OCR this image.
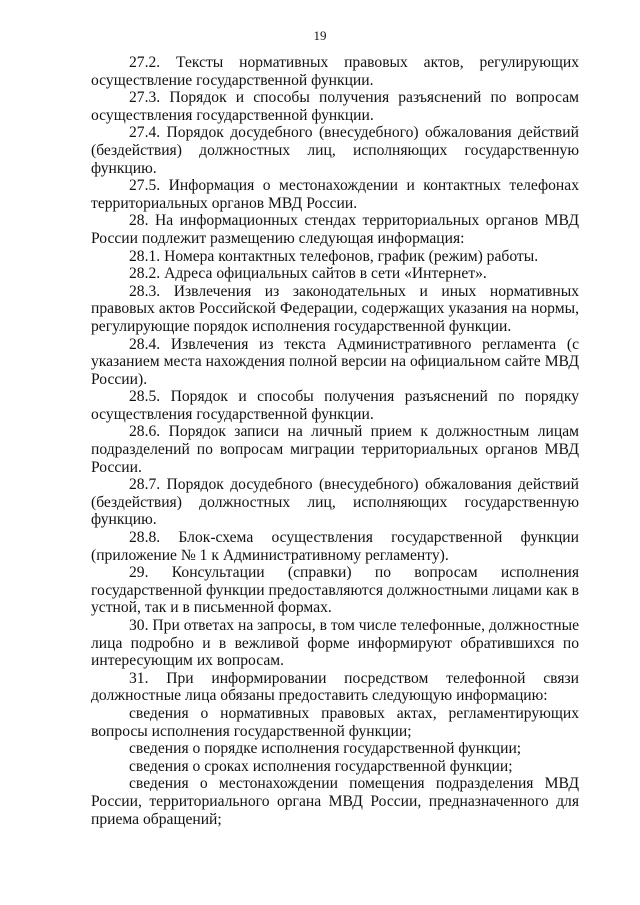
19

27.2. Тексты нормативных правовых актов, регулирующих осуществление государственной функции.

27.3. Порядок и способы получения разъяснений по вопросам осуществления государственной функции.

27.4. Порядок досудебного (внесудебного) обжалования действий (бездействия) должностных лиц, исполняющих государственную функцию.

27.5. Информация о местонахождении и контактных телефонах территориальных органов МВД России.

28. На информационных стендах территориальных органов МВД России подлежит размещению следующая информация:

28.1. Номера контактных телефонов, график (режим) работы.

28.2. Адреса официальных сайтов в сети «Интернет».

28.3. Извлечения из законодательных и иных нормативных правовых актов Российской Федерации, содержащих указания на нормы, регулирующие порядок исполнения государственной функции.

28.4. Извлечения из текста Административного регламента (с указанием места нахождения полной версии на официальном сайте МВД России).

28.5. Порядок и способы получения разъяснений по порядку осуществления государственной функции.

28.6. Порядок записи на личный прием к должностным лицам подразделений по вопросам миграции территориальных органов МВД России.

28.7. Порядок досудебного (внесудебного) обжалования действий (бездействия) должностных лиц, исполняющих государственную функцию.

28.8. Блок-схема осуществления государственной функции (приложение № 1 к Административному регламенту).

29. Консультации (справки) по вопросам исполнения государственной функции предоставляются должностными лицами как в устной, так и в письменной формах.

30. При ответах на запросы, в том числе телефонные, должностные лица подробно и в вежливой форме информируют обратившихся по интересующим их вопросам.

31. При информировании посредством телефонной связи должностные лица обязаны предоставить следующую информацию:

сведения о нормативных правовых актах, регламентирующих вопросы исполнения государственной функции;

сведения о порядке исполнения государственной функции;

сведения о сроках исполнения государственной функции;

сведения о местонахождении помещения подразделения МВД России, территориального органа МВД России, предназначенного для приема обращений;
